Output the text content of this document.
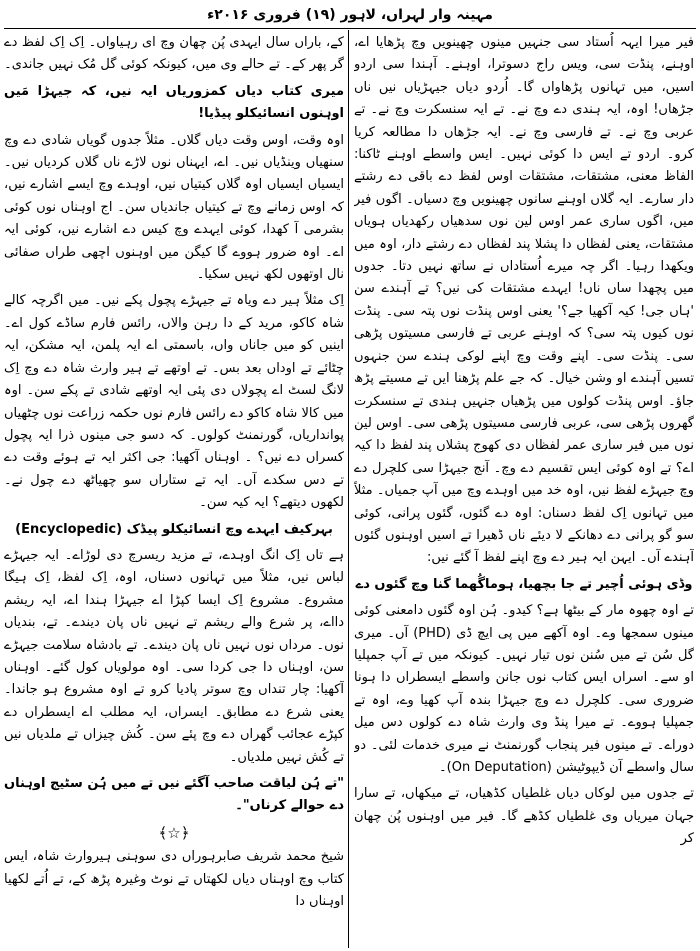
مہینہ وار لہراں، لاہور (۱۹) فروری ۲۰۱۶ء

فیر میرا ایہہ اُستاد سی جنہیں مینوں چھینویں وچ پڑھایا اے، اوہنے، پنڈت سی، ویس راج دسوترا، اوہنے۔ آہندا سی اردو اسیں، میں تہانوں پڑھاواں گا۔ اُردو دیاں جیہڑیاں نیں ناں جڑھاں! اوہ، ایہ ہندی دے وچ نے۔ تے ایہ سنسکرت وچ نے۔ تے عربی وچ نے۔ تے فارسی وچ نے۔ ایہ جڑھاں دا مطالعہ کریا کرو۔ اردو تے ایس دا کوئی نہیں۔ ایس واسطے اوہنے ٹاکنا: الفاظ معنی، مشتقات، مشتقات اوس لفظ دے باقی دے رشتے دار سارے۔ ایہ گلاں اوہنے سانوں چھینویں وچ دسیاں۔ اگوں فیر میں، اگوں ساری عمر اوس لین نوں سدھیاں رکھدیاں ہویاں مشتقات، یعنی لفظاں دا پشلا پند لفظاں دے رشتے دار، اوہ میں ویکھدا رہیا۔ اگر چہ میرے اُستاداں نے ساتھ نہیں دتا۔ جدوں میں پچھدا ساں ناں! ایہدے مشتقات کی نیں؟ تے آہندے سن 'ہاں جی! کیہ آکھیا جے؟' یعنی اوس پنڈت نوں پتہ سی۔ پنڈت نوں کیوں پتہ سی؟ کہ اوہنے عربی تے فارسی مسیتوں پڑھی سی۔ پنڈت سی۔ اپنے وقت وچ اپنے لوکی ہندے سن جنہوں تسیں آہندے او وشن خیال۔ کہ جے علم پڑھنا ایں تے مسیتے پڑھ جاؤ۔ اوس پنڈت کولوں میں پڑھیاں جنہیں ہندی تے سنسکرت گھروں پڑھی سی، عربی فارسی مسیتوں پڑھی سی۔ اوس لین نوں میں فیر ساری عمر لفظاں دی کھوج پشلاں پند لفظ دا کیہ اے؟ تے اوہ کوئی ایس تقسیم دے وچ۔ آنج جیہڑا سی کلچرل دے وچ جیہڑے لفظ نیں، اوہ خد میں اوہدے وچ میں آپ جمیاں۔ مثلاً میں تہانوں اِک لفظ دسناں: اوہ دے گئوں، گئوں پرانی، کوئی سو گو پرانی دے دھانکے لا دیئے ناں ڈھیرا تے اسیں اوہنوں گئوں آہندے آں۔ ایہن ایہ ہیر دے وچ اپنے لفظ آ گئے نیں:

وڈی ہوئی اُچیر تے جا بچھیا، ہوماگُھما گنا وچ گئوں دے

تے اوہ چھوہ مار کے بیٹھا ہے؟ کیدو۔ ہُن اوہ گئوں دامعنی کوئی مینوں سمجھا وے۔ اوہ آکھے میں پی ایچ ڈی (PHD) آں۔ میری گل سُن تے میں سُنن نوں تیار نہیں۔ کیونکہ میں تے آپ جمپلیا او سے۔ اسراں ایس کتاب نوں جانن واسطے ایسطراں دا ہونا ضروری سی۔ کلچرل دے وچ جیہڑا بندہ آپ کھیا وے، اوہ تے جمپلیا ہووے۔ تے میرا پنڈ وی وارث شاہ دے کولوں دس میل دوراے۔ تے مینوں فیر پنجاب گورنمنٹ نے میری خدمات لئی۔ دو سال واسطے آن ڈیپوٹیشن (On Deputation)۔

تے جدوں میں لوکاں دیاں غلطیاں کڈھیاں، تے میکھاں، تے سارا جہان میریاں وی غلطیاں کڈھے گا۔ فیر میں اوہنوں پُن چھان کر

کے، باراں سال ایہدی پُن چھان وچ ای رہیاواں۔ اِک اِک لفظ دے گر پھر کے۔ تے حالے وی میں، کیونکہ کوئی گل مُک نہیں جاندی۔

میری کتاب دیاں کمزوریاں ایہ نیں، کہ جیہڑا مَیں اوہنوں انسائیکلو پیڈیا!

اوہ وقت، اوس وقت دیاں گلاں۔ مثلاً جدوں گویاں شادی دے وچ سنھیاں وینڈیاں نیں۔ اے، ایہناں نوں لاڑے ناں گلاں کردیاں نیں۔ ایسیاں ایسیاں اوہ گلاں کیتیاں نیں، اوہدے وچ ایسے اشارے نیں، کہ اوس زمانے وچ تے کیتیاں جاندیاں سن۔ اج اوہناں نوں کوئی بشرمی آ کھدا، کوئی ایہدے وچ کیس دے اشارے نیں، کوئی ایہ اے۔ اوہ ضرور ہووے گا کیگن میں اوہنوں اچھی طراں صفائی نال اوتھوں لکھ نہیں سکیا۔

اِک مثلاً ہیر دے ویاہ تے جیہڑے پچول پکے نیں۔ میں اگرچہ کالے شاہ کاکو، مرید کے دا رہن والاں، رائس فارم ساڈے کول اے۔ اینیں کو میں جاناں واں، باسمتی اے ایہ پلمن، ایہ مشکن، ایہ چٹائے تے اوداں بعد بس۔ تے اوتھے تے ہیر وارث شاہ دے وچ اِک لانگ لسٹ اے پچولاں دی پئی ایہ اوتھے شادی تے پکے سن۔ اوہ میں کالا شاہ کاکو دے رائس فارم نوں حکمہ زراعت نوں چٹھیاں پوانداریاں، گورنمنٹ کولوں۔ کہ دسو جی مینوں ذرا ایہ پچول کسراں دے نیں؟ ۔ اوہناں آکھیا: جی اکثر ایہ تے ہوئے وقت دے تے دس سکدے آں۔ ایہ تے ستاراں سو چھیاٹھ دے چول نے۔ لکھوں دیتھے؟ ایہ کیہ سن۔

بہرکیف ایہدے وچ انسائیکلو پیڈک (Encyclopedic)

ہے تاں اِک انگ اوہدے، تے مزید ریسرچ دی لوڑاے۔ ایہ جیہڑے لباس نیں، مثلاً میں تہانوں دسناں، اوہ، اِک لفظ، اِک ہیگا مشروع۔ مشروع اِک ایسا کپڑا اے جیہڑا ہندا اے، ایہ ریشم دااے، پر شرع والے ریشم تے نہیں ناں پان دیندے۔ تے، بندیاں نوں۔ مرداں نوں نہیں ناں پان دیندے۔ تے بادشاہ سلامت جیہڑے سن، اوہناں دا جی کردا سی۔ اوہ مولویاں کول گئے۔ اوہناں آکھیا: چار تنداں وچ سوتر پادیا کرو تے اوہ مشروع ہو جاندا۔ یعنی شرع دے مطابق۔ ایسراں، ایہ مطلب اے ایسطراں دے کپڑے عجائب گھراں دے وچ پئے سن۔ کُش چیزاں تے ملدیاں نیں تے کُش نہیں ملدیاں۔

"تے ہُن لیاقت صاحب آگئے نیں تے میں ہُن سٹیج اوہناں دے حوالے کرناں"۔

﴿☆﴾

شیخ محمد شریف صابرہوراں دی سوہنی ہیروارث شاہ، ایس کتاب وچ اوہناں دیاں لکھتاں تے نوٹ وغیرہ پڑھ کے، تے اُتے لکھیا اوہناں دا
